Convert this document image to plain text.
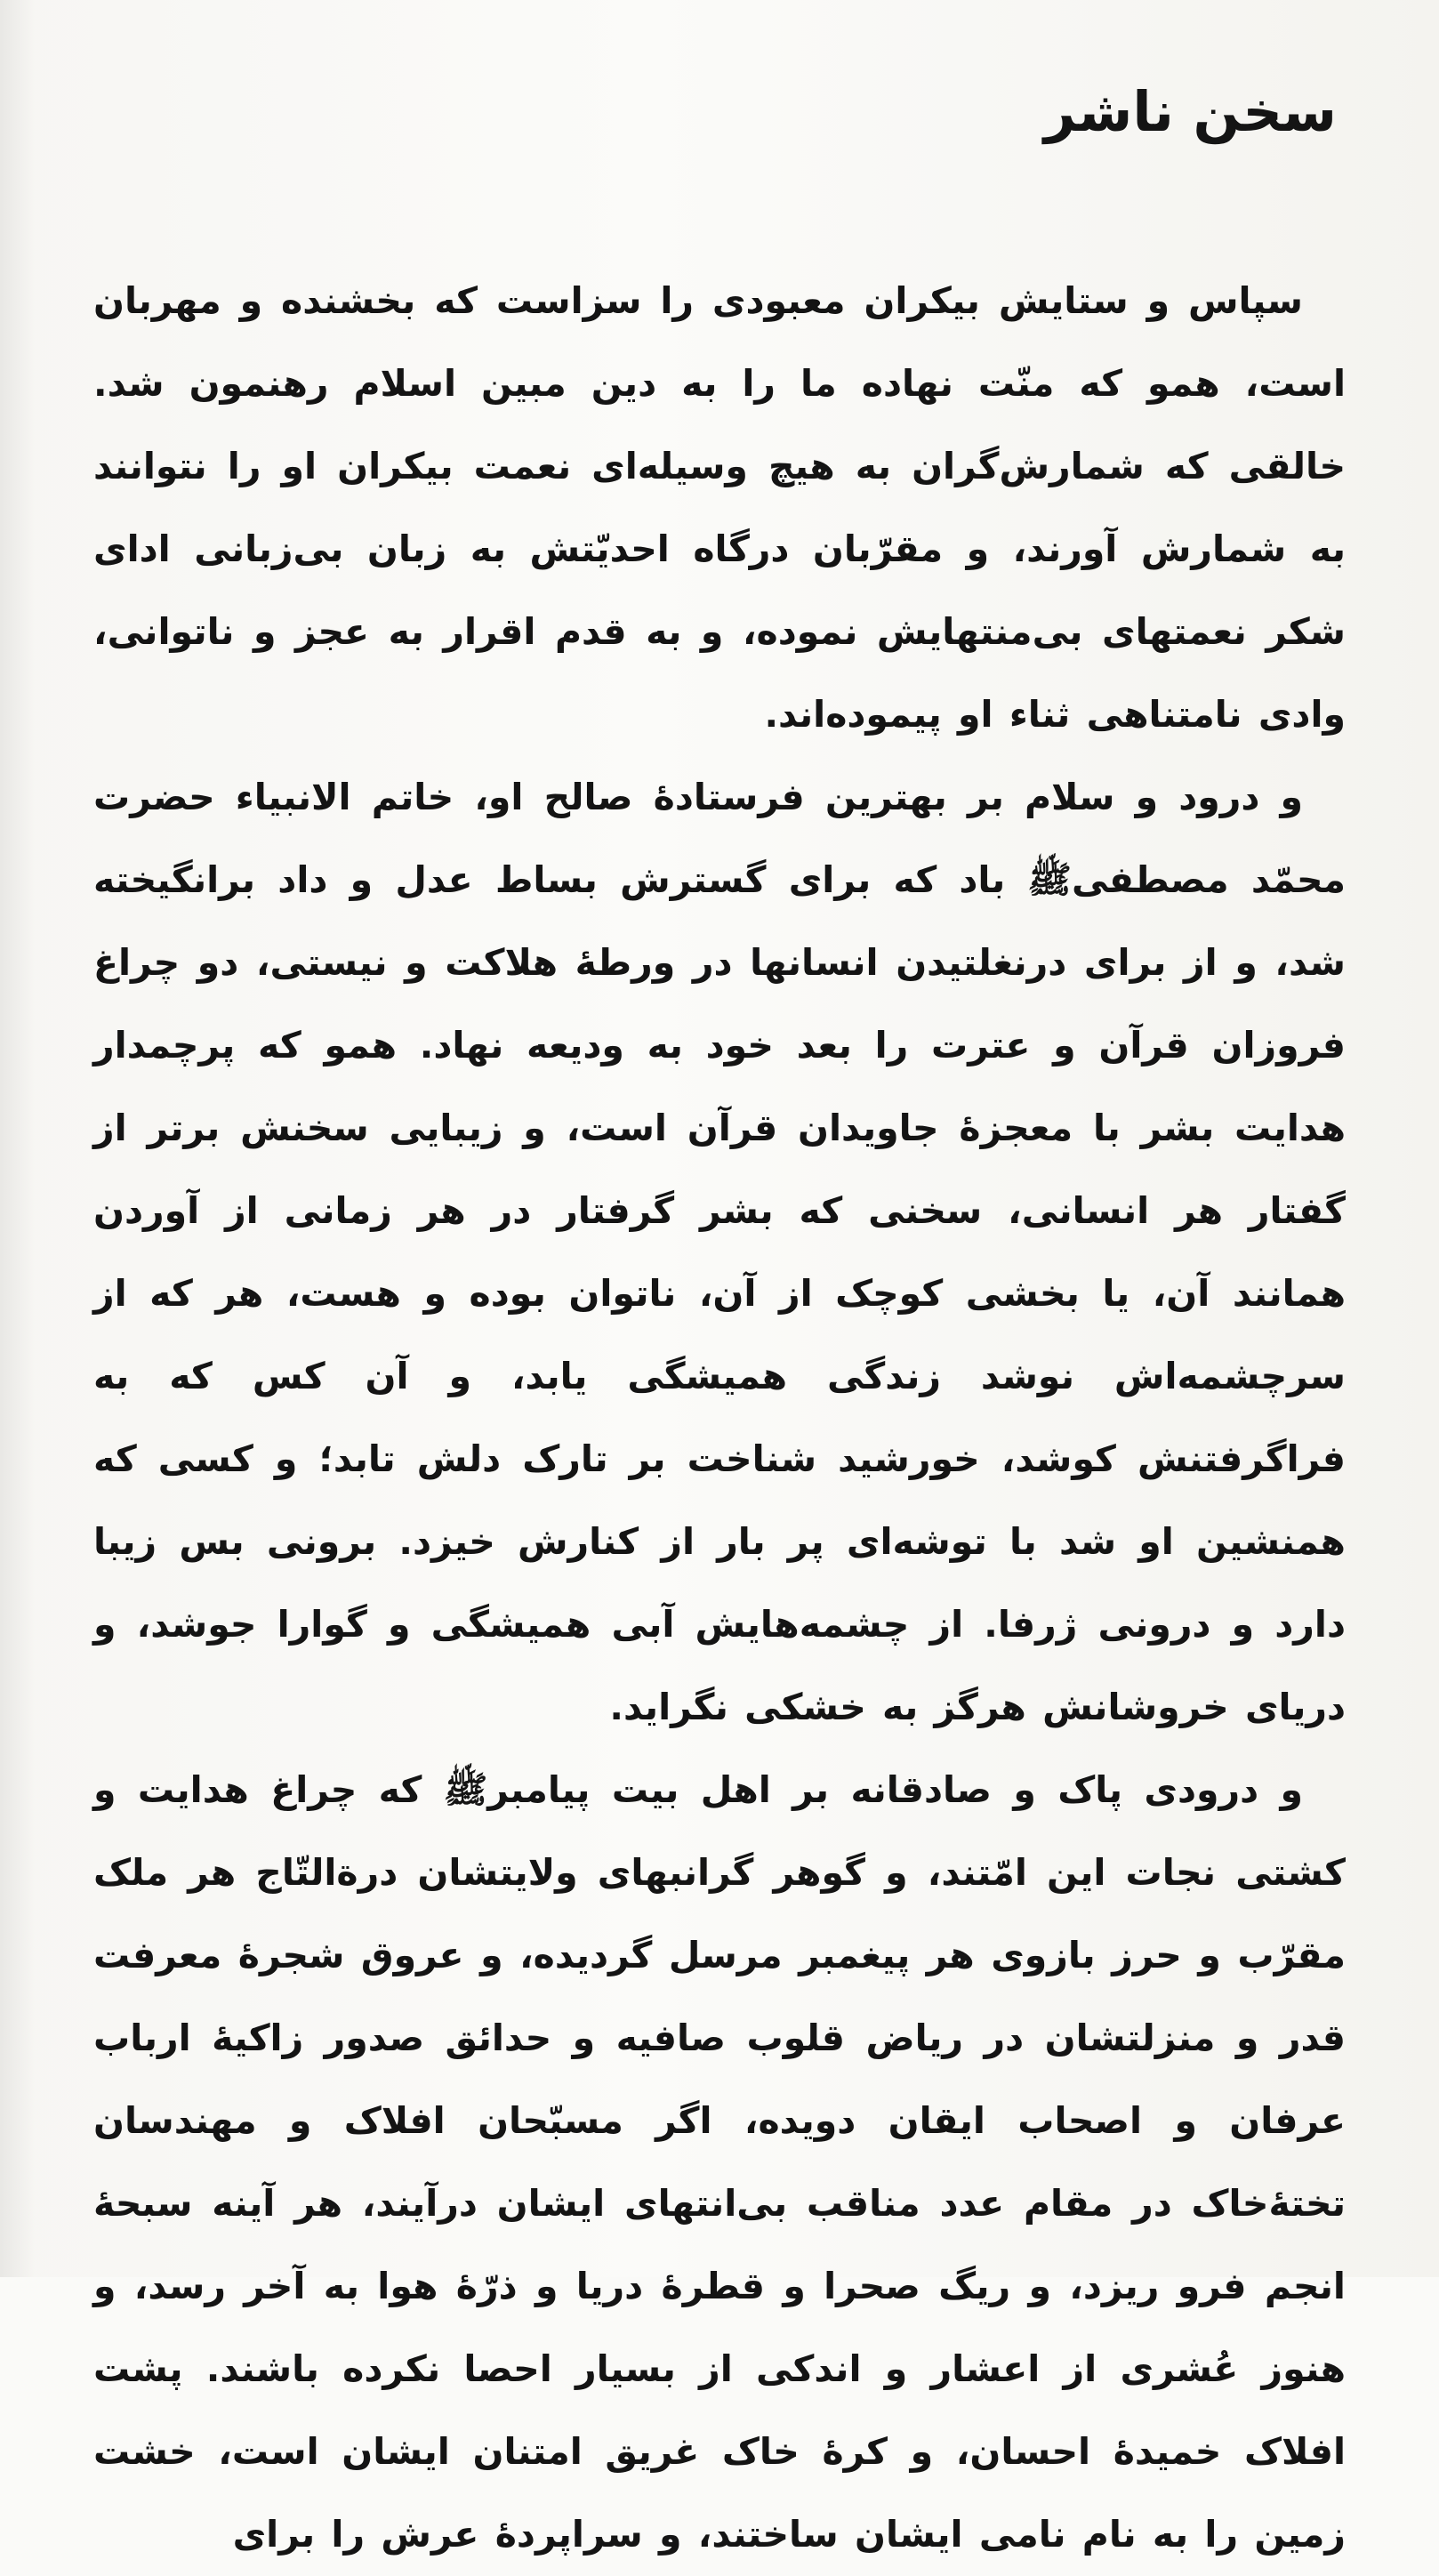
سخن ناشر

سپاس و ستایش بیکران معبودی را سزاست که بخشنده و مهربان است، همو که منّت نهاده ما را به دین مبین اسلام رهنمون شد. خالقی که شمارش‌گران به هیچ وسیله‌ای نعمت بیکران او را نتوانند به شمارش آورند، و مقرّبان درگاه احدیّتش به زبان بی‌زبانی ادای شکر نعمتهای بی‌منتهایش نموده، و به قدم اقرار به عجز و ناتوانی، وادی نامتناهی ثناء او پیموده‌اند.

و درود و سلام بر بهترین فرستادۀ صالح او، خاتم الانبیاء حضرت محمّد مصطفیﷺ باد که برای گسترش بساط عدل و داد برانگیخته شد، و از برای درنغلتیدن انسانها در ورطۀ هلاکت و نیستی، دو چراغ فروزان قرآن و عترت را بعد خود به ودیعه نهاد. همو که پرچمدار هدایت بشر با معجزۀ جاویدان قرآن است، و زیبایی سخنش برتر از گفتار هر انسانی، سخنی که بشر گرفتار در هر زمانی از آوردن همانند آن، یا بخشی کوچک از آن، ناتوان بوده و هست، هر که از سرچشمه‌اش نوشد زندگی همیشگی یابد، و آن کس که به فراگرفتنش کوشد، خورشید شناخت بر تارک دلش تابد؛ و کسی که همنشین او شد با توشه‌ای پر بار از کنارش خیزد. برونی بس زیبا دارد و درونی ژرفا. از چشمه‌هایش آبی همیشگی و گوارا جوشد، و دریای خروشانش هرگز به خشکی نگراید.

و درودی پاک و صادقانه بر اهل بیت پیامبرﷺ که چراغ هدایت و کشتی نجات این امّتند، و گوهر گرانبهای ولایتشان درةالتّاج هر ملک مقرّب و حرز بازوی هر پیغمبر مرسل گردیده، و عروق شجرۀ معرفت قدر و منزلتشان در ریاض قلوب صافیه و حدائق صدور زاکیۀ ارباب عرفان و اصحاب ایقان دویده، اگر مسبّحان افلاک و مهندسان تختۀخاک در مقام عدد مناقب بی‌انتهای ایشان درآیند، هر آینه سبحۀ انجم فرو ریزد، و ریگ صحرا و قطرۀ دریا و ذرّۀ هوا به آخر رسد، و هنوز عُشری از اعشار و اندکی از بسیار احصا نکرده باشند. پشت افلاک خمیدۀ احسان، و کرۀ خاک غریق امتنان ایشان است، خشت زمین را به نام نامی ایشان ساختند، و سراپردۀ عرش را برای
